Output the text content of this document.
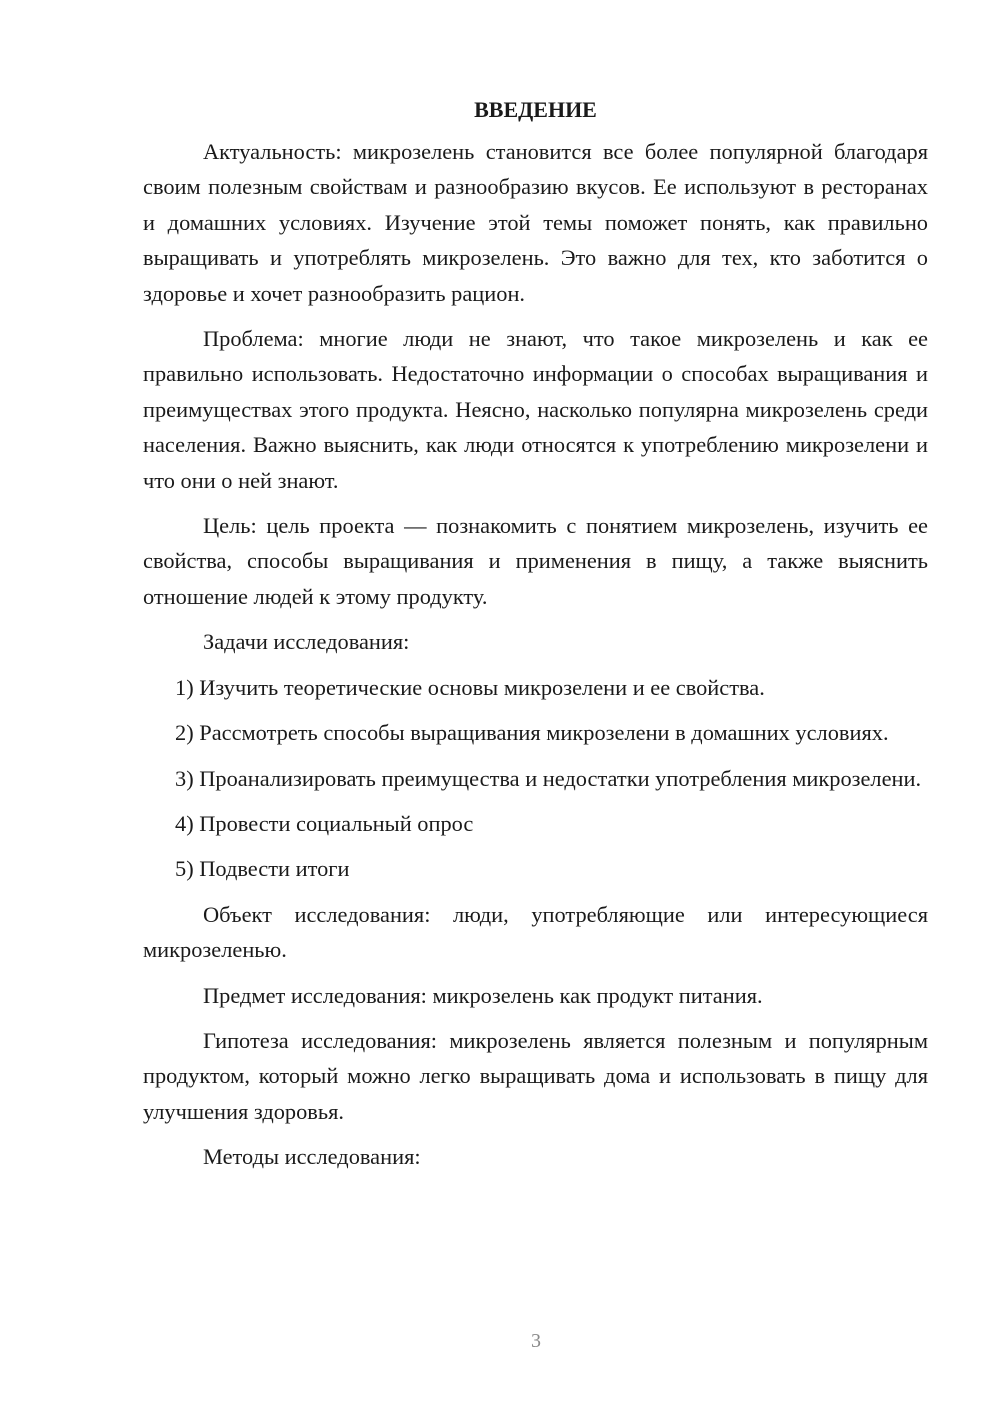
ВВЕДЕНИЕ

Актуальность: микрозелень становится все более популярной благодаря своим полезным свойствам и разнообразию вкусов. Ее используют в ресторанах и домашних условиях. Изучение этой темы поможет понять, как правильно выращивать и употреблять микрозелень. Это важно для тех, кто заботится о здоровье и хочет разнообразить рацион.

Проблема: многие люди не знают, что такое микрозелень и как ее правильно использовать. Недостаточно информации о способах выращивания и преимуществах этого продукта. Неясно, насколько популярна микрозелень среди населения. Важно выяснить, как люди относятся к употреблению микрозелени и что они о ней знают.

Цель: цель проекта — познакомить с понятием микрозелень, изучить ее свойства, способы выращивания и применения в пищу, а также выяснить отношение людей к этому продукту.

Задачи исследования:

1) Изучить теоретические основы микрозелени и ее свойства.

2) Рассмотреть способы выращивания микрозелени в домашних условиях.

3) Проанализировать преимущества и недостатки употребления микрозелени.

4) Провести социальный опрос

5) Подвести итоги

Объект исследования: люди, употребляющие или интересующиеся микрозеленью.

Предмет исследования: микрозелень как продукт питания.

Гипотеза исследования: микрозелень является полезным и популярным продуктом, который можно легко выращивать дома и использовать в пищу для улучшения здоровья.

Методы исследования:

3
